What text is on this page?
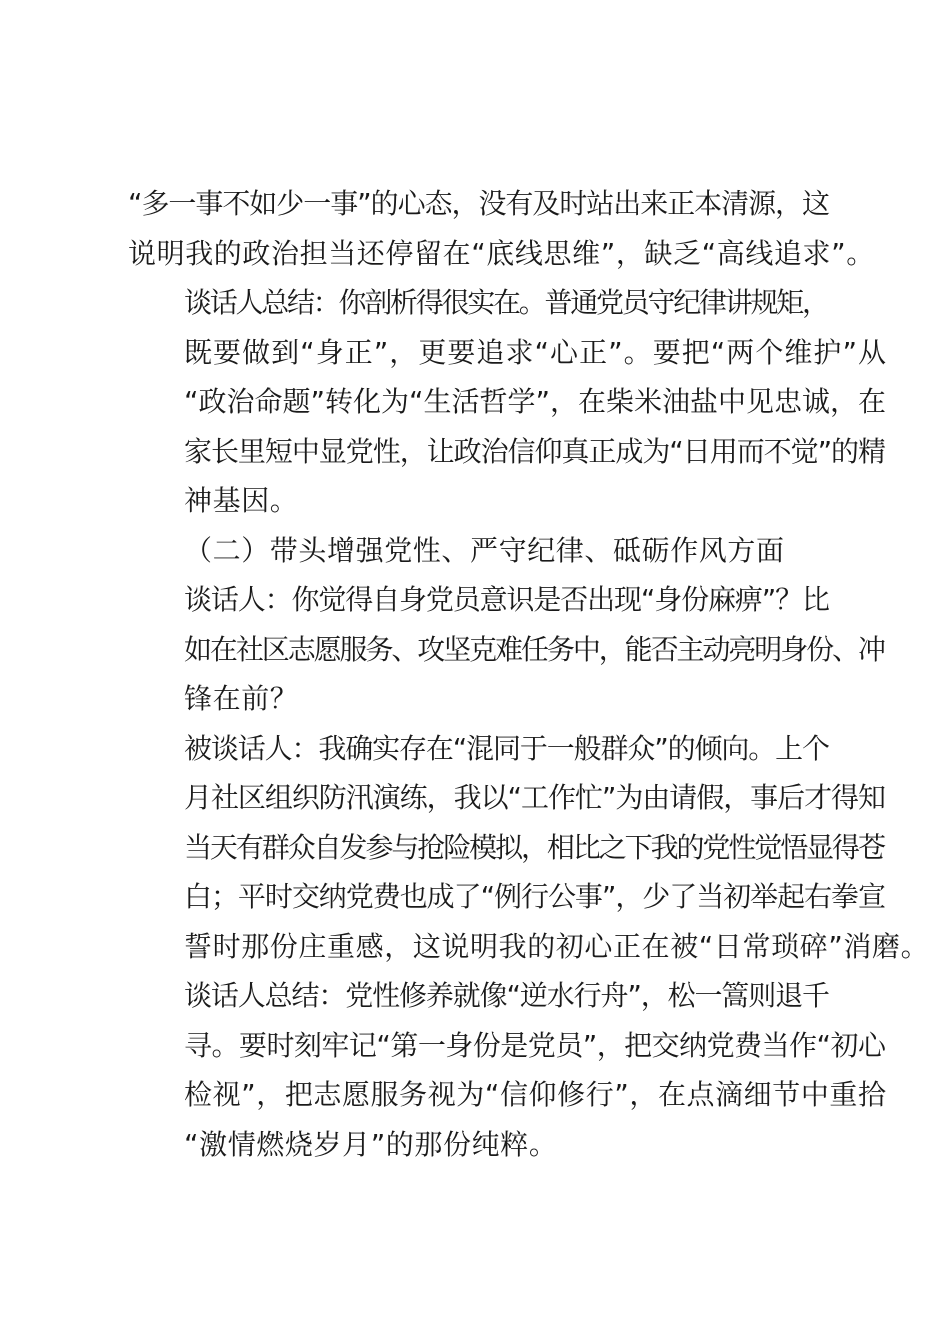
“多一事不如少一事”的心态，没有及时站出来正本清源，这
说明我的政治担当还停留在“底线思维”，缺乏“高线追求”。
谈话人总结：你剖析得很实在。普通党员守纪律讲规矩，
既要做到“身正”，更要追求“心正”。要把“两个维护”从
“政治命题”转化为“生活哲学”，在柴米油盐中见忠诚，在
家长里短中显党性，让政治信仰真正成为“日用而不觉”的精
神基因。
（二）带头增强党性、严守纪律、砥砺作风方面
谈话人：你觉得自身党员意识是否出现“身份麻痹”？比
如在社区志愿服务、攻坚克难任务中，能否主动亮明身份、冲
锋在前？
被谈话人：我确实存在“混同于一般群众”的倾向。上个
月社区组织防汛演练，我以“工作忙”为由请假，事后才得知
当天有群众自发参与抢险模拟，相比之下我的党性觉悟显得苍
白；平时交纳党费也成了“例行公事”，少了当初举起右拳宣
誓时那份庄重感，这说明我的初心正在被“日常琐碎”消磨。
谈话人总结：党性修养就像“逆水行舟”，松一篙则退千
寻。要时刻牢记“第一身份是党员”，把交纳党费当作“初心
检视”，把志愿服务视为“信仰修行”，在点滴细节中重拾
“激情燃烧岁月”的那份纯粹。
